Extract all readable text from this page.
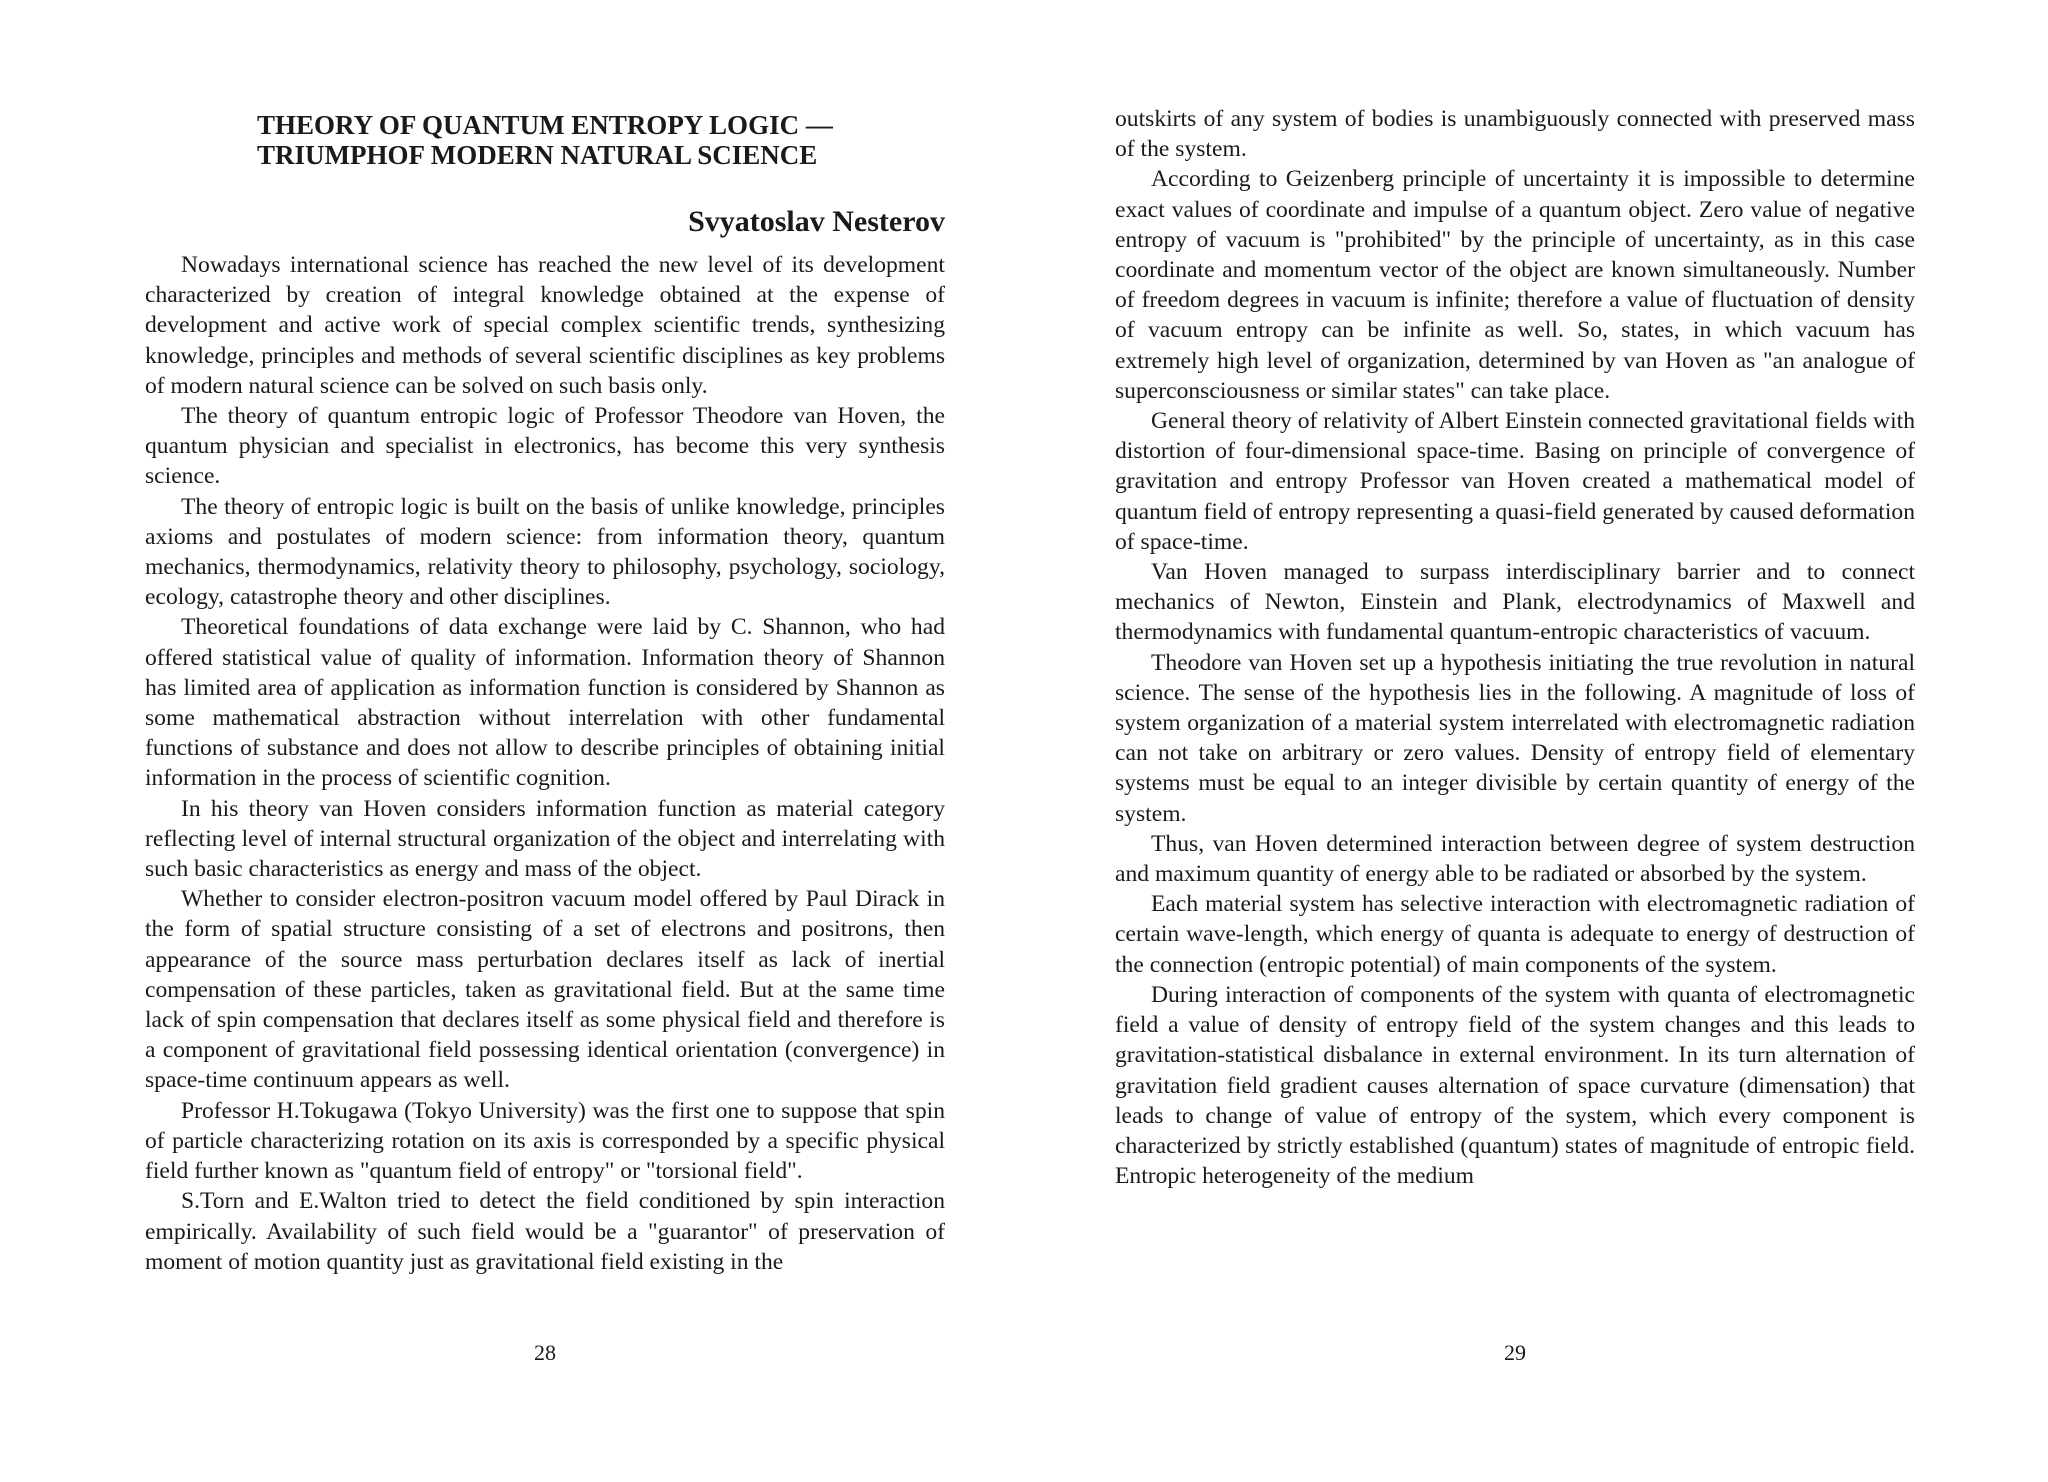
THEORY OF QUANTUM ENTROPY LOGIC —
TRIUMPHOF MODERN NATURAL SCIENCE
Svyatoslav Nesterov

Nowadays international science has reached the new level of its development characterized by creation of integral knowledge obtained at the expense of development and active work of special complex scientific trends, synthesizing knowledge, principles and methods of several scientific disciplines as key problems of modern natural science can be solved on such basis only.

The theory of quantum entropic logic of Professor Theodore van Hoven, the quantum physician and specialist in electronics, has become this very synthesis science.

The theory of entropic logic is built on the basis of unlike knowledge, principles axioms and postulates of modern science: from information theory, quantum mechanics, thermodynamics, relativity theory to philosophy, psychology, sociology, ecology, catastrophe theory and other disciplines.

Theoretical foundations of data exchange were laid by C. Shannon, who had offered statistical value of quality of information. Information theory of Shannon has limited area of application as information function is considered by Shannon as some mathematical abstraction without interrelation with other fundamental functions of substance and does not allow to describe principles of obtaining initial information in the process of scientific cognition.

In his theory van Hoven considers information function as material category reflecting level of internal structural organization of the object and interrelating with such basic characteristics as energy and mass of the object.

Whether to consider electron-positron vacuum model offered by Paul Dirack in the form of spatial structure consisting of a set of electrons and positrons, then appearance of the source mass perturbation declares itself as lack of inertial compensation of these particles, taken as gravitational field. But at the same time lack of spin compensation that declares itself as some physical field and therefore is a component of gravitational field possessing identical orientation (convergence) in space-time continuum appears as well.

Professor H.Tokugawa (Tokyo University) was the first one to suppose that spin of particle characterizing rotation on its axis is corresponded by a specific physical field further known as "quantum field of entropy" or "torsional field".

S.Torn and E.Walton tried to detect the field conditioned by spin interaction empirically. Availability of such field would be a "guarantor" of preservation of moment of motion quantity just as gravitational field existing in the

28

outskirts of any system of bodies is unambiguously connected with preserved mass of the system.

According to Geizenberg principle of uncertainty it is impossible to determine exact values of coordinate and impulse of a quantum object. Zero value of negative entropy of vacuum is "prohibited" by the principle of uncertainty, as in this case coordinate and momentum vector of the object are known simultaneously. Number of freedom degrees in vacuum is infinite; therefore a value of fluctuation of density of vacuum entropy can be infinite as well. So, states, in which vacuum has extremely high level of organization, determined by van Hoven as "an analogue of superconsciousness or similar states" can take place.

General theory of relativity of Albert Einstein connected gravitational fields with distortion of four-dimensional space-time. Basing on principle of convergence of gravitation and entropy Professor van Hoven created a mathematical model of quantum field of entropy representing a quasi-field generated by caused deformation of space-time.

Van Hoven managed to surpass interdisciplinary barrier and to connect mechanics of Newton, Einstein and Plank, electrodynamics of Maxwell and thermodynamics with fundamental quantum-entropic characteristics of vacuum.

Theodore van Hoven set up a hypothesis initiating the true revolution in natural science. The sense of the hypothesis lies in the following. A magnitude of loss of system organization of a material system interrelated with electromagnetic radiation can not take on arbitrary or zero values. Density of entropy field of elementary systems must be equal to an integer divisible by certain quantity of energy of the system.

Thus, van Hoven determined interaction between degree of system destruction and maximum quantity of energy able to be radiated or absorbed by the system.

Each material system has selective interaction with electromagnetic radiation of certain wave-length, which energy of quanta is adequate to energy of destruction of the connection (entropic potential) of main components of the system.

During interaction of components of the system with quanta of electromagnetic field a value of density of entropy field of the system changes and this leads to gravitation-statistical disbalance in external environment. In its turn alternation of gravitation field gradient causes alternation of space curvature (dimensation) that leads to change of value of entropy of the system, which every component is characterized by strictly established (quantum) states of magnitude of entropic field. Entropic heterogeneity of the medium

29
